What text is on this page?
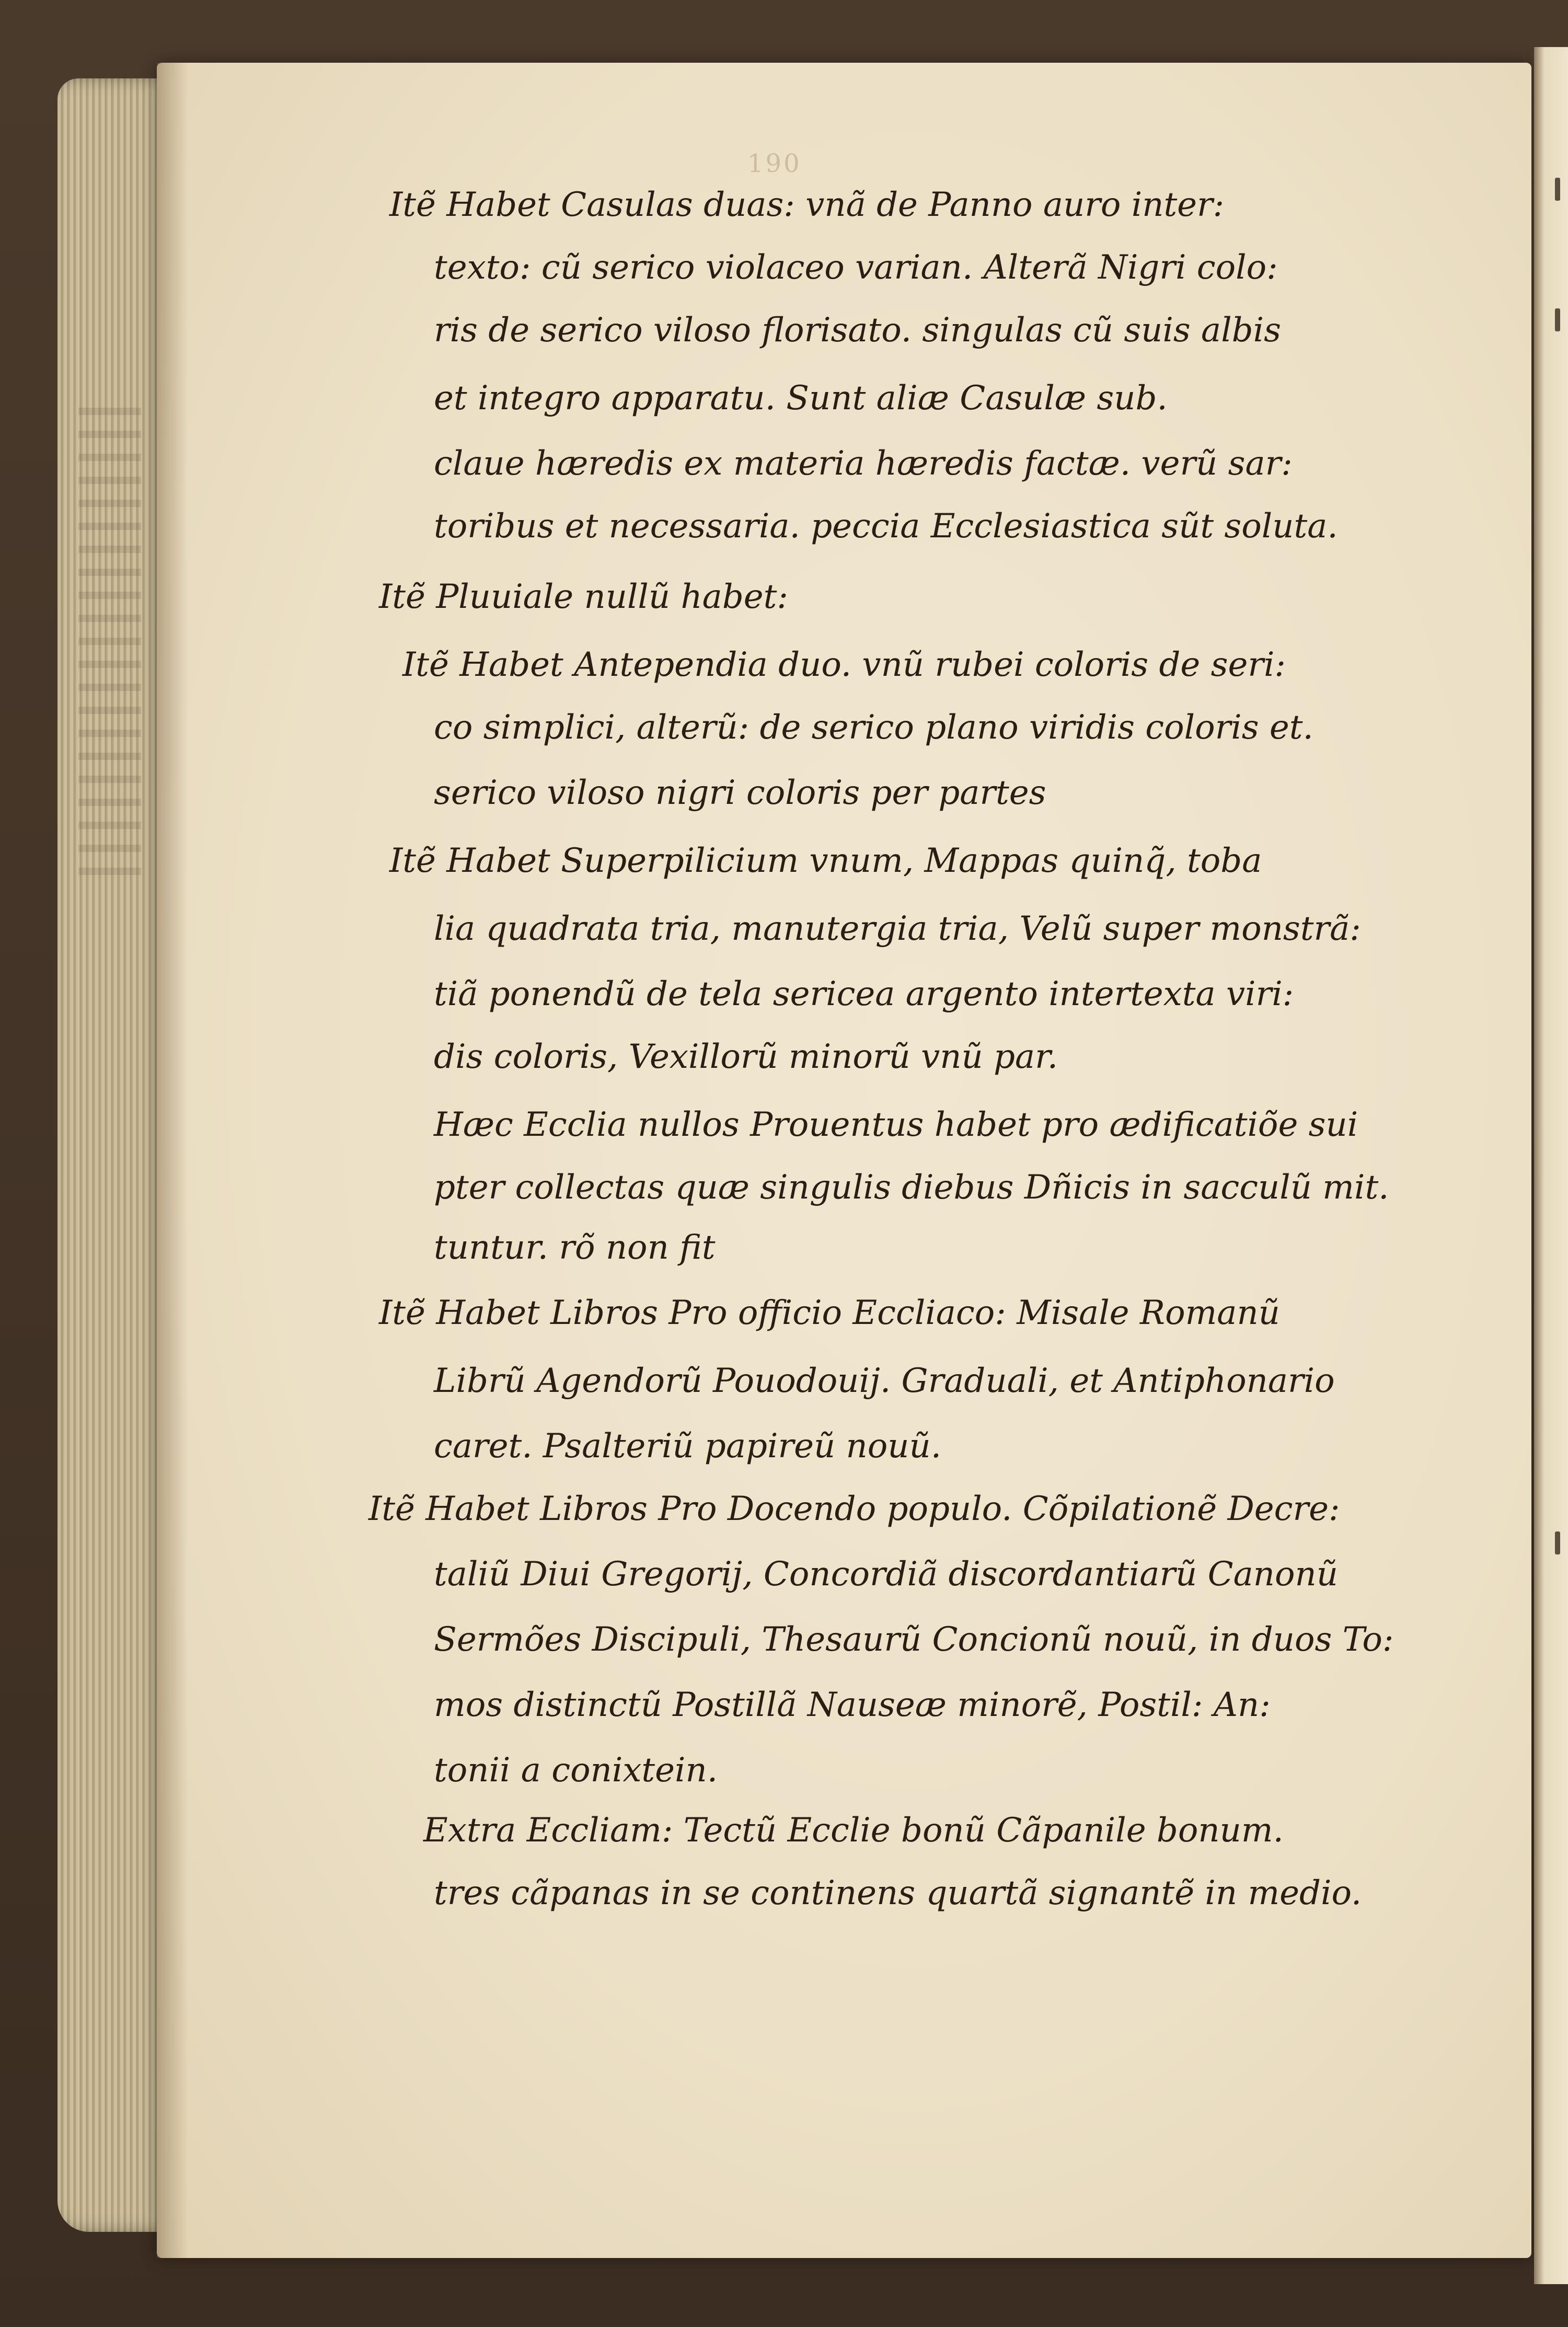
190
Itẽ Habet Casulas duas: vnã de Panno auro inter:
texto: cũ serico violaceo varian. Alterã Nigri colo:
ris de serico viloso florisato. singulas cũ suis albis
et integro apparatu. Sunt aliæ Casulæ sub.
claue hæredis ex materia hæredis factæ. verũ sar:
toribus et necessaria. peccia Ecclesiastica sũt soluta.
Itẽ Pluuiale nullũ habet:
Itẽ Habet Antependia duo. vnũ rubei coloris de seri:
co simplici, alterũ: de serico plano viridis coloris et.
serico viloso nigri coloris per partes
Itẽ Habet Superpilicium vnum, Mappas quinq̃, toba
lia quadrata tria, manutergia tria, Velũ super monstrã:
tiã ponendũ de tela sericea argento intertexta viri:
dis coloris, Vexillorũ minorũ vnũ par.
Hæc Ecclia nullos Prouentus habet pro ædificatiõe sui
pter collectas quæ singulis diebus Dñicis in sacculũ mit.
tuntur. rõ non fit
Itẽ Habet Libros Pro officio Eccliaco: Misale Romanũ
Librũ Agendorũ Pouodouij. Graduali, et Antiphonario
caret. Psalteriũ papireũ nouũ.
Itẽ Habet Libros Pro Docendo populo. Cõpilationẽ Decre:
taliũ Diui Gregorij, Concordiã discordantiarũ Canonũ
Sermões Discipuli, Thesaurũ Concionũ nouũ, in duos To:
mos distinctũ Postillã Nauseæ minorẽ, Postil: An:
tonii a conixtein.
Extra Eccliam: Tectũ Ecclie bonũ Cãpanile bonum.
tres cãpanas in se continens quartã signantẽ in medio.
